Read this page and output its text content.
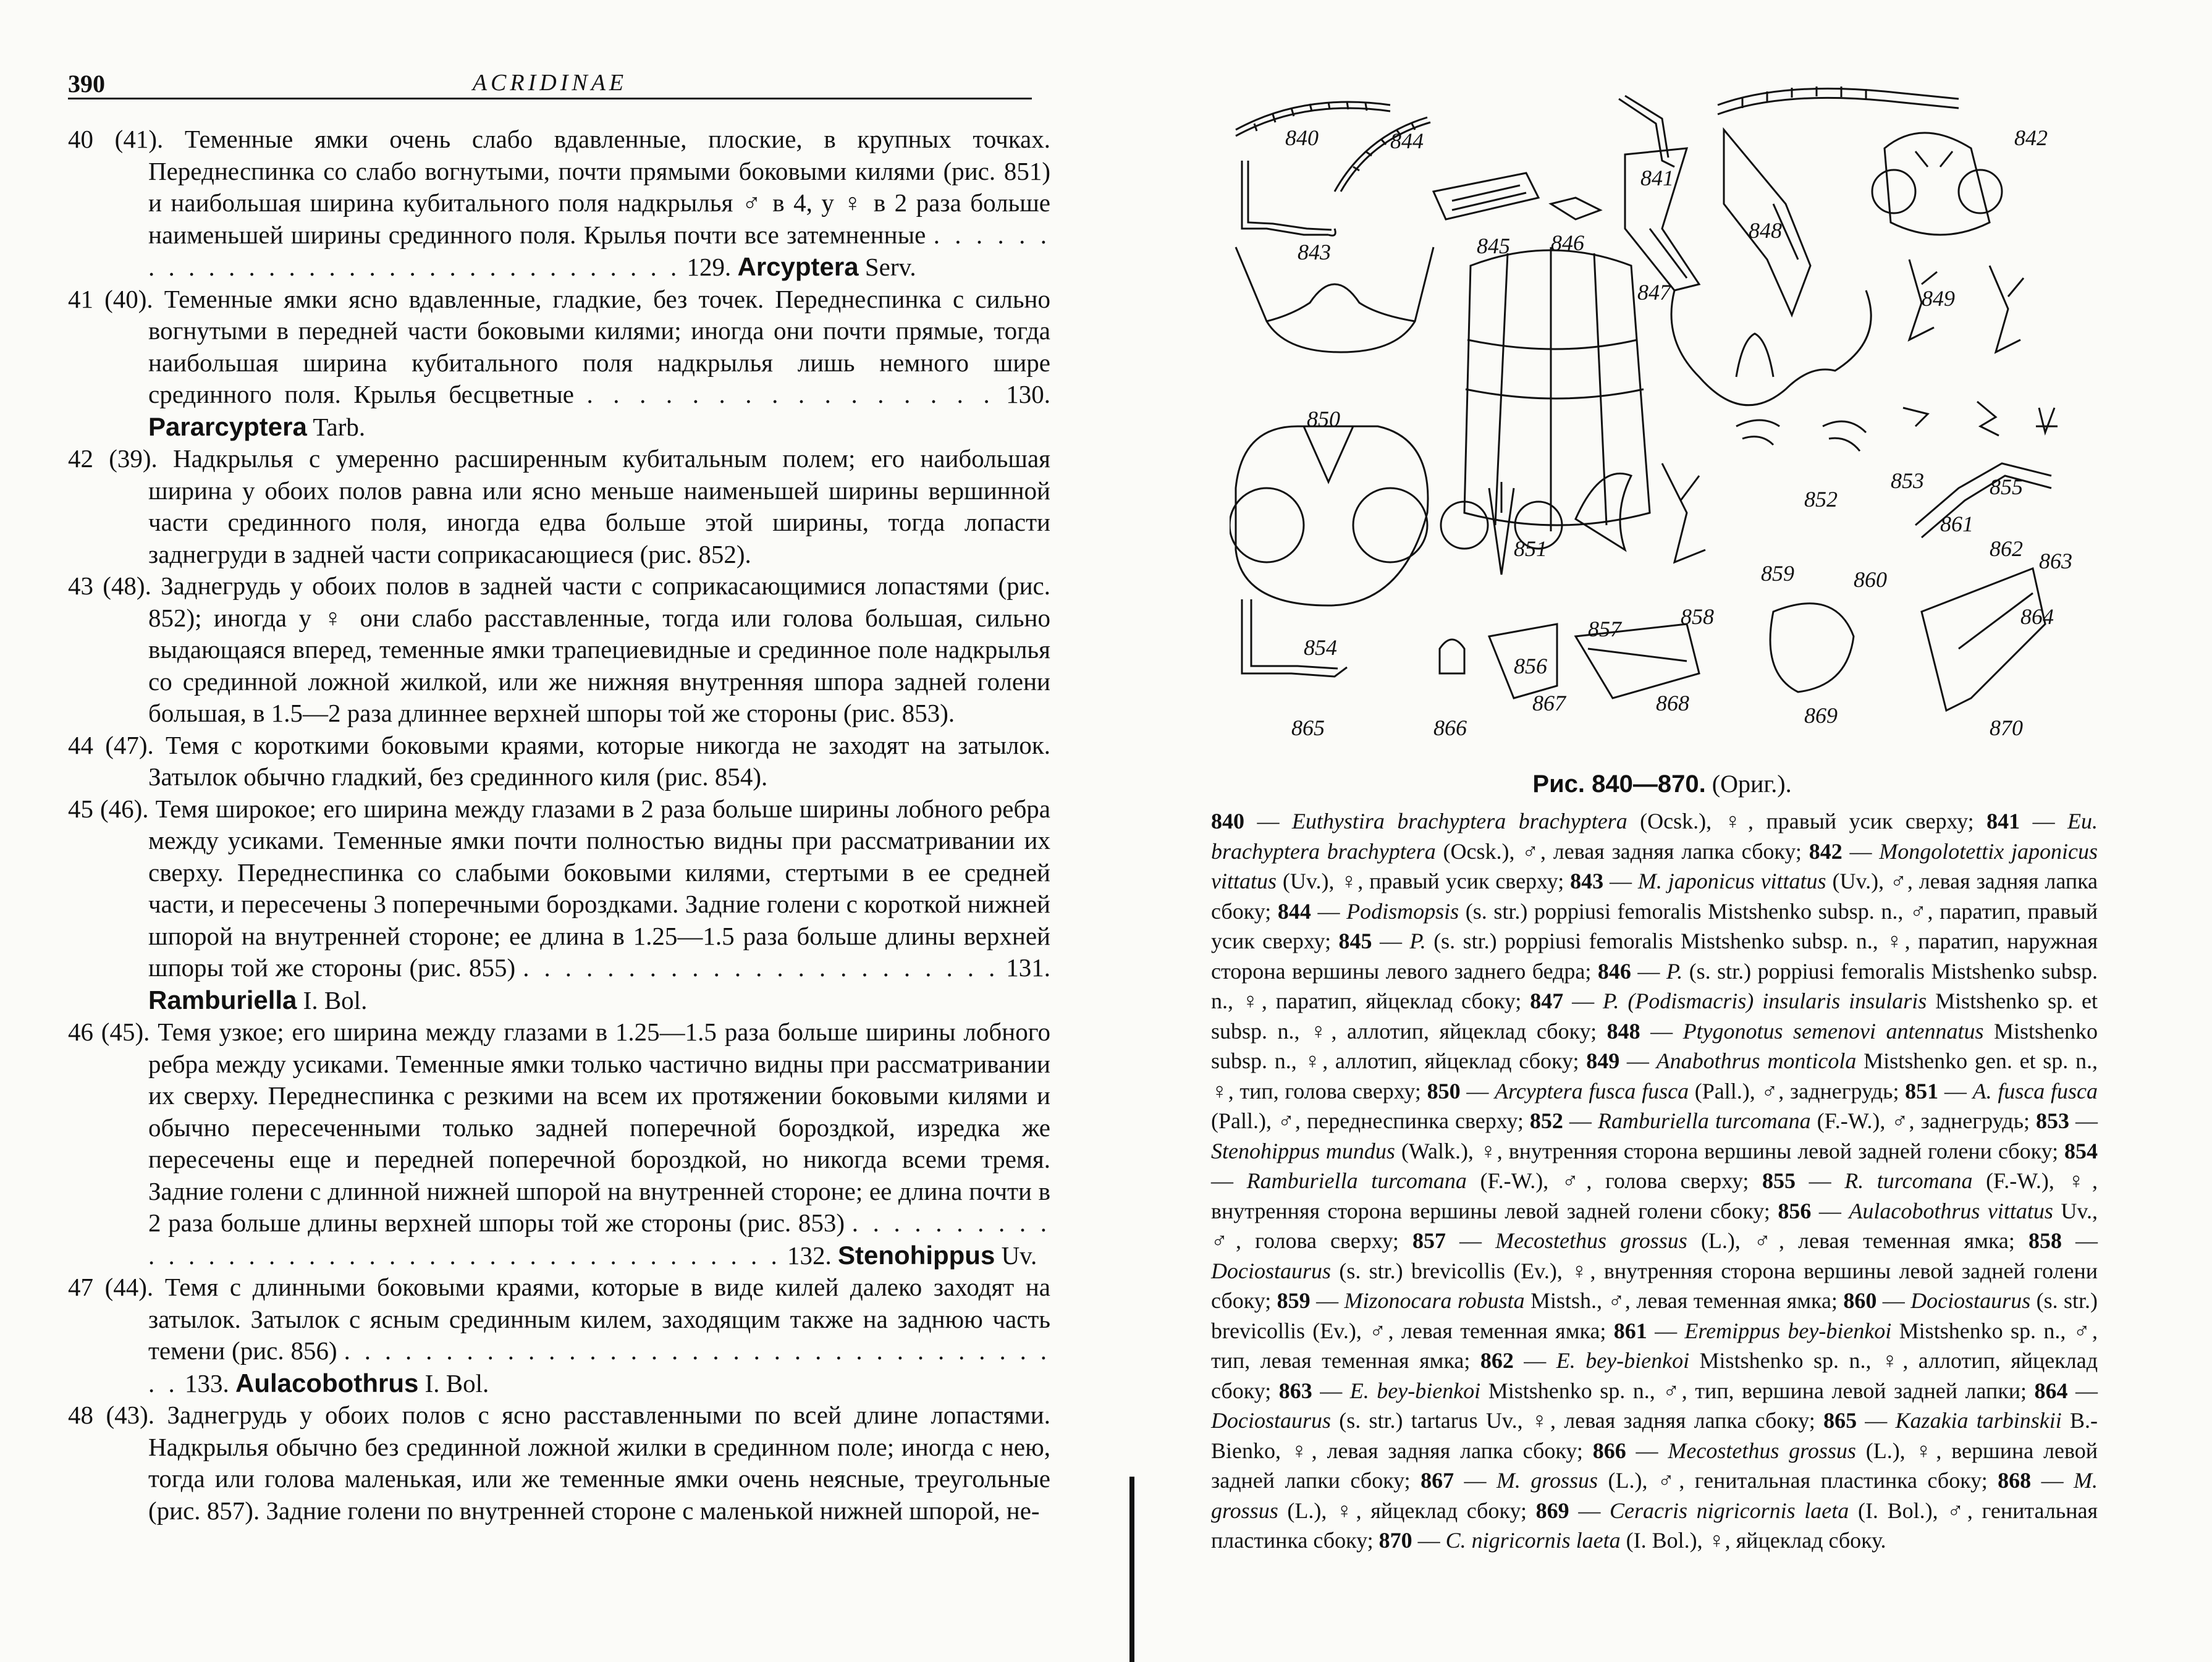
390	ACRIDINAE

40 (41). Теменные ямки очень слабо вдавленные, плоские, в крупных точках. Переднеспинка со слабо вогнутыми, почти прямыми боковыми килями (рис. 851) и наибольшая ширина кубитального поля надкрылья ♂ в 4, у ♀ в 2 раза больше наименьшей ширины срединного поля. Крылья почти все затемненные . . . . . . . . . . . . . . . . . . . . . . . . . . . . . . . . . 129. Arcyptera Serv.

41 (40). Теменные ямки ясно вдавленные, гладкие, без точек. Переднеспинка с сильно вогнутыми в передней части боковыми килями; иногда они почти прямые, тогда наибольшая ширина кубитального поля надкрылья лишь немного шире срединного поля. Крылья бесцветные . . . . . . . . . . . . . . . . 130. Pararcyptera Tarb.

42 (39). Надкрылья с умеренно расширенным кубитальным полем; его наибольшая ширина у обоих полов равна или ясно меньше наименьшей ширины вершинной части срединного поля, иногда едва больше этой ширины, тогда лопасти заднегруди в задней части соприкасающиеся (рис. 852).

43 (48). Заднегрудь у обоих полов в задней части с соприкасающимися лопастями (рис. 852); иногда у ♀ они слабо расставленные, тогда или голова большая, сильно выдающаяся вперед, теменные ямки трапециевидные и срединное поле надкрылья со срединной ложной жилкой, или же нижняя внутренняя шпора задней голени большая, в 1.5—2 раза длиннее верхней шпоры той же стороны (рис. 853).

44 (47). Темя с короткими боковыми краями, которые никогда не заходят на затылок. Затылок обычно гладкий, без срединного киля (рис. 854).

45 (46). Темя широкое; его ширина между глазами в 2 раза больше ширины лобного ребра между усиками. Теменные ямки почти полностью видны при рассматривании их сверху. Переднеспинка со слабыми боковыми килями, стертыми в ее средней части, и пересечены 3 поперечными бороздками. Задние голени с короткой нижней шпорой на внутренней стороне; ее длина в 1.25—1.5 раза больше длины верхней шпоры той же стороны (рис. 855) . . . . . . . . . . . . . . . . . . . . . . . 131. Ramburiella I. Bol.

46 (45). Темя узкое; его ширина между глазами в 1.25—1.5 раза больше ширины лобного ребра между усиками. Теменные ямки только частично видны при рассматривании их сверху. Переднеспинка с резкими на всем их протяжении боковыми килями и обычно пересеченными только задней поперечной бороздкой, изредка же пересечены еще и передней поперечной бороздкой, но никогда всеми тремя. Задние голени с длинной нижней шпорой на внутренней стороне; ее длина почти в 2 раза больше длины верхней шпоры той же стороны (рис. 853) . . . . . . . . . . . . . . . . . . . . . . . . . . . . . . . . . . . . . . . . . . 132. Stenohippus Uv.

47 (44). Темя с длинными боковыми краями, которые в виде килей далеко заходят на затылок. Затылок с ясным срединным килем, заходящим также на заднюю часть темени (рис. 856) . . . . . . . . . . . . . . . . . . . . . . . . . . . . . . . . . . . . . 133. Aulacobothrus I. Bol.

48 (43). Заднегрудь у обоих полов с ясно расставленными по всей длине лопастями. Надкрылья обычно без срединной ложной жилки в срединном поле; иногда с нею, тогда или голова маленькая, или же теменные ямки очень неясные, треугольные (рис. 857). Задние голени по внутренней стороне с маленькой нижней шпорой, не-

840
841
842
843
844
845 846
847
848
849
850
851
852
853
854
855
856
857	858
859	860
861
862 863
864
865	866
867	868	869	870
Рис. 840—870. (Ориг.).
840 — Euthystira brachyptera brachyptera (Ocsk.), ♀, правый усик сверху; 841 — Eu. brachyptera brachyptera (Ocsk.), ♂, левая задняя лапка сбоку; 842 — Mongolotettix japonicus vittatus (Uv.), ♀, правый усик сверху; 843 — M. japonicus vittatus (Uv.), ♂, левая задняя лапка сбоку; 844 — Podismopsis (s. str.) poppiusi femoralis Mistshenko subsp. n., ♂, паратип, правый усик сверху; 845 — P. (s. str.) poppiusi femoralis Mistshenko subsp. n., ♀, паратип, наружная сторона вершины левого заднего бедра; 846 — P. (s. str.) poppiusi femoralis Mistshenko subsp. n., ♀, паратип, яйцеклад сбоку; 847 — P. (Podismacris) insularis insularis Mistshenko sp. et subsp. n., ♀, аллотип, яйцеклад сбоку; 848 — Ptygonotus semenovi antennatus Mistshenko subsp. n., ♀, аллотип, яйцеклад сбоку; 849 — Anabothrus monticola Mistshenko gen. et sp. n., ♀, тип, голова сверху; 850 — Arcyptera fusca fusca (Pall.), ♂, заднегрудь; 851 — A. fusca fusca (Pall.), ♂, переднеспинка сверху; 852 — Ramburiella turcomana (F.-W.), ♂, заднегрудь; 853 — Stenohippus mundus (Walk.), ♀, внутренняя сторона вершины левой задней голени сбоку; 854 — Ramburiella turcomana (F.-W.), ♂, голова сверху; 855 — R. turcomana (F.-W.), ♀, внутренняя сторона вершины левой задней голени сбоку; 856 — Aulacobothrus vittatus Uv., ♂, голова сверху; 857 — Mecostethus grossus (L.), ♂, левая теменная ямка; 858 — Dociostaurus (s. str.) brevicollis (Ev.), ♀, внутренняя сторона вершины левой задней голени сбоку; 859 — Mizonocara robusta Mistsh., ♂, левая теменная ямка; 860 — Dociostaurus (s. str.) brevicollis (Ev.), ♂, левая теменная ямка; 861 — Eremippus bey-bienkoi Mistshenko sp. n., ♂, тип, левая теменная ямка; 862 — E. bey-bienkoi Mistshenko sp. n., ♀, аллотип, яйцеклад сбоку; 863 — E. bey-bienkoi Mistshenko sp. n., ♂, тип, вершина левой задней лапки; 864 — Dociostaurus (s. str.) tartarus Uv., ♀, левая задняя лапка сбоку; 865 — Kazakia tarbinskii B.-Bienko, ♀, левая задняя лапка сбоку; 866 — Mecostethus grossus (L.), ♀, вершина левой задней лапки сбоку; 867 — M. grossus (L.), ♂, генитальная пластинка сбоку; 868 — M. grossus (L.), ♀, яйцеклад сбоку; 869 — Ceracris nigricornis laeta (I. Bol.), ♂, генитальная пластинка сбоку; 870 — C. nigricornis laeta (I. Bol.), ♀, яйцеклад сбоку.
